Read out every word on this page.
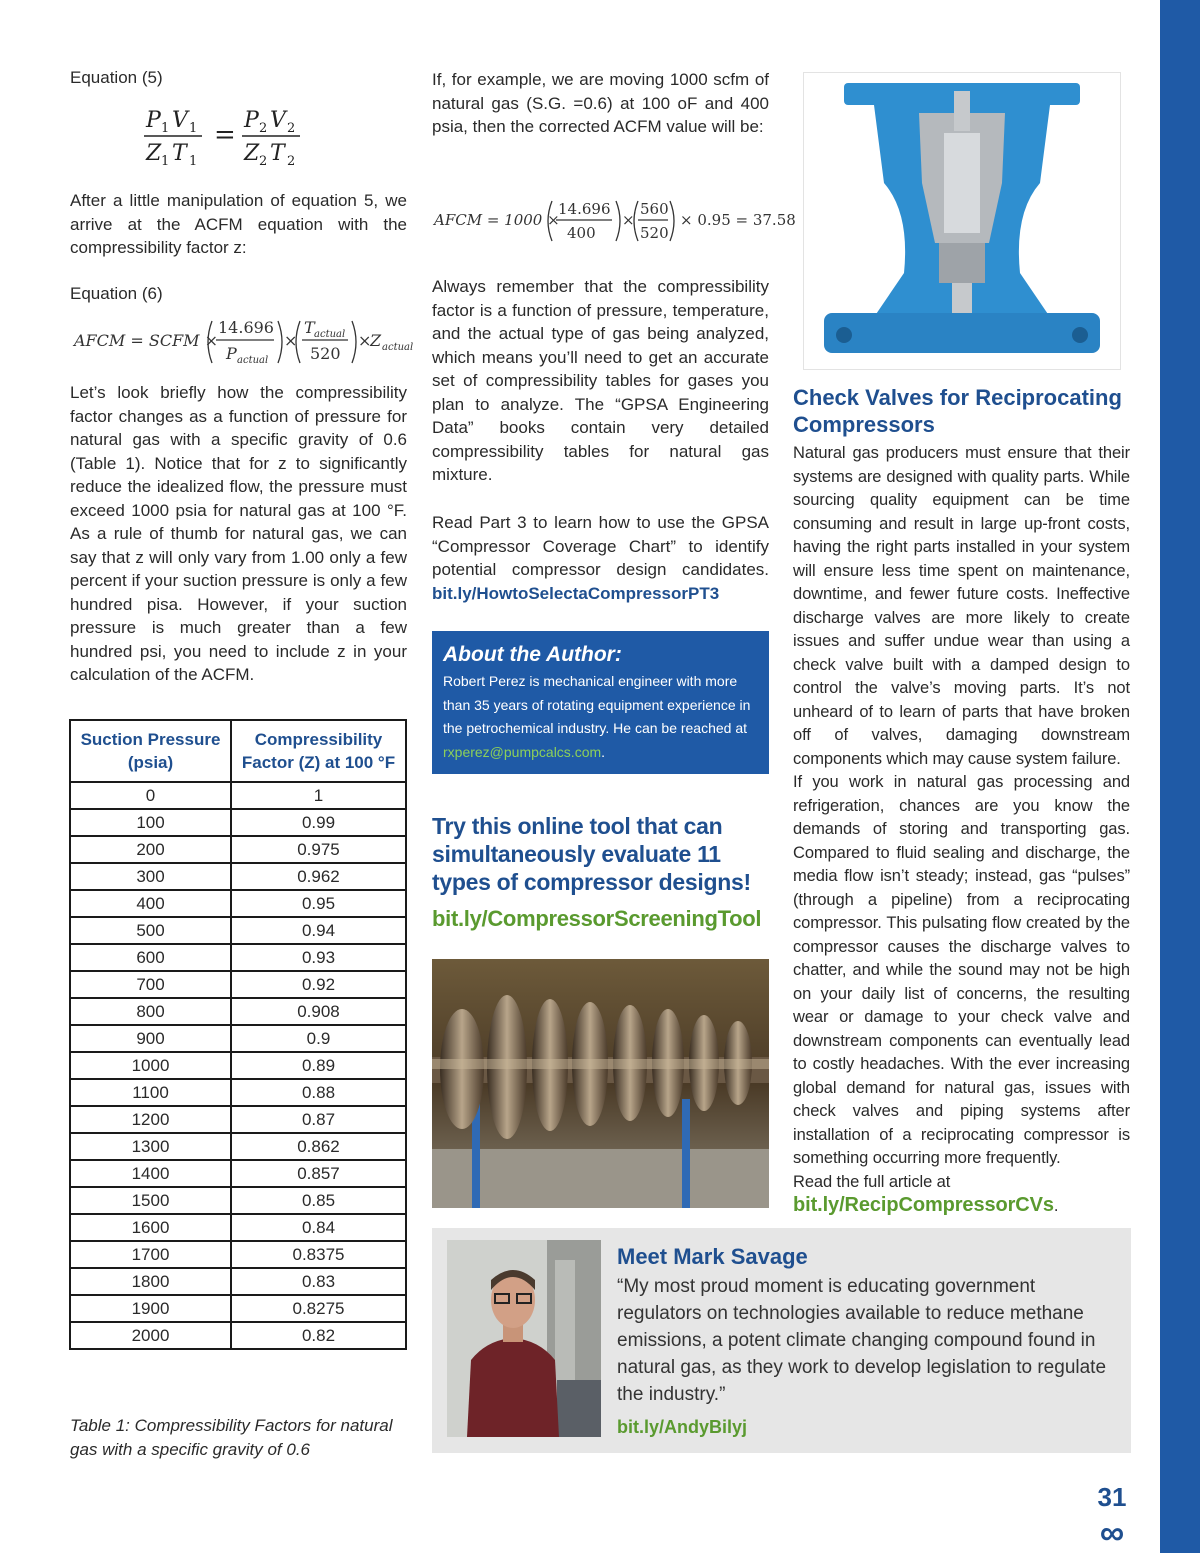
Equation (5)
P 1 V 1
Z 1 T 1
= P 2 V 2
Z 2 T 2

After a little manipulation of equation 5, we arrive at the ACFM equation with the compressibility factor z:

Equation (6)
AFCM = SCFM ×
14.696
P actual
×
T actual
520
×
Z actual

Let’s look briefly how the compressibility factor changes as a function of pressure for natural gas with a specific gravity of 0.6 (Table 1). Notice that for z to significantly reduce the idealized flow, the pressure must exceed 1000 psia for natural gas at 100 °F. As a rule of thumb for natural gas, we can say that z will only vary from 1.00 only a few percent if your suction pressure is only a few hundred pisa. However, if your suction pressure is much greater than a few hundred psi, you need to include z in your calculation of the ACFM.

Suction Pressure (psia)	Compressibility Factor (Z) at 100 °F
0	1
100	0.99
200	0.975
300	0.962
400	0.95
500	0.94
600	0.93
700	0.92
800	0.908
900	0.9
1000	0.89
1100	0.88
1200	0.87
1300	0.862
1400	0.857
1500	0.85
1600	0.84
1700	0.8375
1800	0.83
1900	0.8275
2000	0.82
Table 1: Compressibility Factors for natural gas with a specific gravity of 0.6

If, for example, we are moving 1000 scfm of natural gas (S.G. =0.6) at 100 oF and 400 psia, then the corrected ACFM value will be:

AFCM = 1000 ×
14.696
400
×
560
520
× 0.95 = 37.58

Always remember that the compressibility factor is a function of pressure, temperature, and the actual type of gas being analyzed, which means you’ll need to get an accurate set of compressibility tables for gases you plan to analyze. The “GPSA Engineering Data” books contain very detailed compressibility tables for natural gas mixture.

Read Part 3 to learn how to use the GPSA “Compressor Coverage Chart” to identify potential compressor design candidates. bit.ly/HowtoSelectaCompressorPT3

About the Author:
Robert Perez is mechanical engineer with more than 35 years of rotating equipment experience in the petrochemical industry. He can be reached at rxperez@pumpcalcs.com.
Try this online tool that can simultaneously evaluate 11 types of compressor designs!
bit.ly/CompressorScreeningTool
Check Valves for Reciprocating Compressors

Natural gas producers must ensure that their systems are designed with quality parts. While sourcing quality equipment can be time consuming and result in large up-front costs, having the right parts installed in your system will ensure less time spent on maintenance, downtime, and fewer future costs. Ineffective discharge valves are more likely to create issues and suffer undue wear than using a check valve built with a damped design to control the valve’s moving parts. It’s not unheard of to learn of parts that have broken off of valves, damaging downstream components which may cause system failure.

If you work in natural gas processing and refrigeration, chances are you know the demands of storing and transporting gas. Compared to fluid sealing and discharge, the media flow isn’t steady; instead, gas “pulses” (through a pipeline) from a reciprocating compressor. This pulsating flow created by the compressor causes the discharge valves to chatter, and while the sound may not be high on your daily list of concerns, the resulting wear or damage to your check valve and downstream components can eventually lead to costly headaches. With the ever increasing global demand for natural gas, issues with check valves and piping systems after installation of a reciprocating compressor is something occurring more frequently.

Read the full article at
bit.ly/RecipCompressorCVs.

Meet Mark Savage
“My most proud moment is educating government regulators on technologies available to reduce methane emissions, a potent climate changing compound found in natural gas, as they work to develop legislation to regulate the industry.”
bit.ly/AndyBilyj
31
∞
